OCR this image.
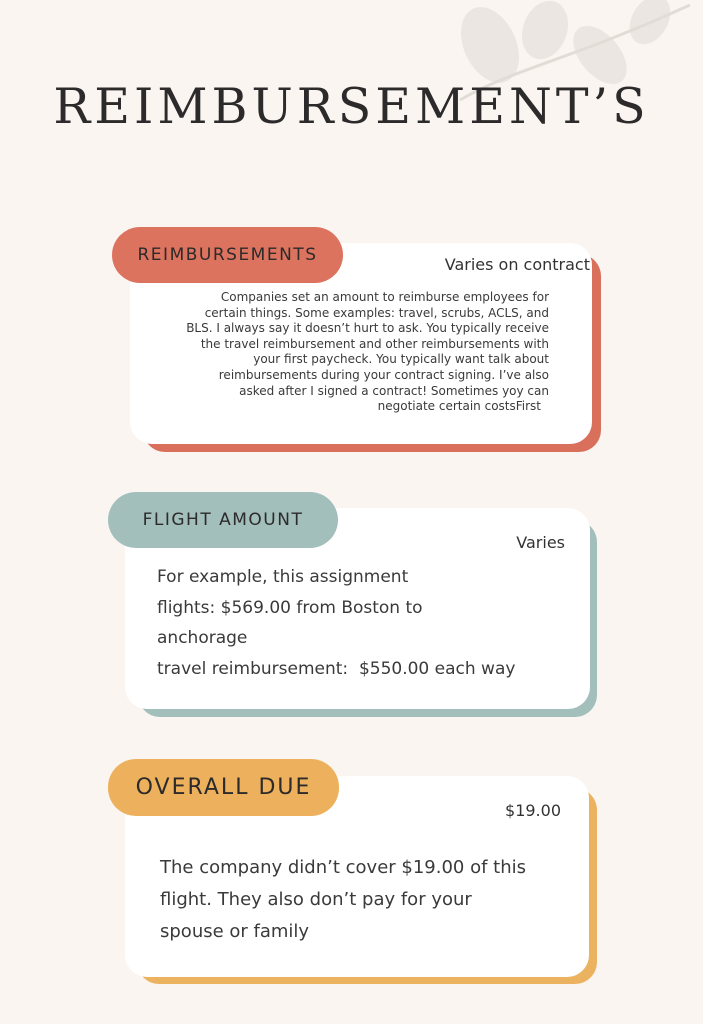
REIMBURSEMENT’S
REIMBURSEMENTS	Varies on contract
Companies set an amount to reimburse employees for
certain things. Some examples: travel, scrubs, ACLS, and
BLS. I always say it doesn’t hurt to ask. You typically receive
the travel reimbursement and other reimbursements with
your first paycheck. You typically want talk about
reimbursements during your contract signing. I’ve also
asked after I signed a contract! Sometimes yoy can
negotiate certain costsFirst
FLIGHT AMOUNT
Varies
For example, this assignment
flights: $569.00 from Boston to
anchorage
travel reimbursement:  $550.00 each way
OVERALL DUE
$19.00
The company didn’t cover $19.00 of this
flight. They also don’t pay for your
spouse or family
